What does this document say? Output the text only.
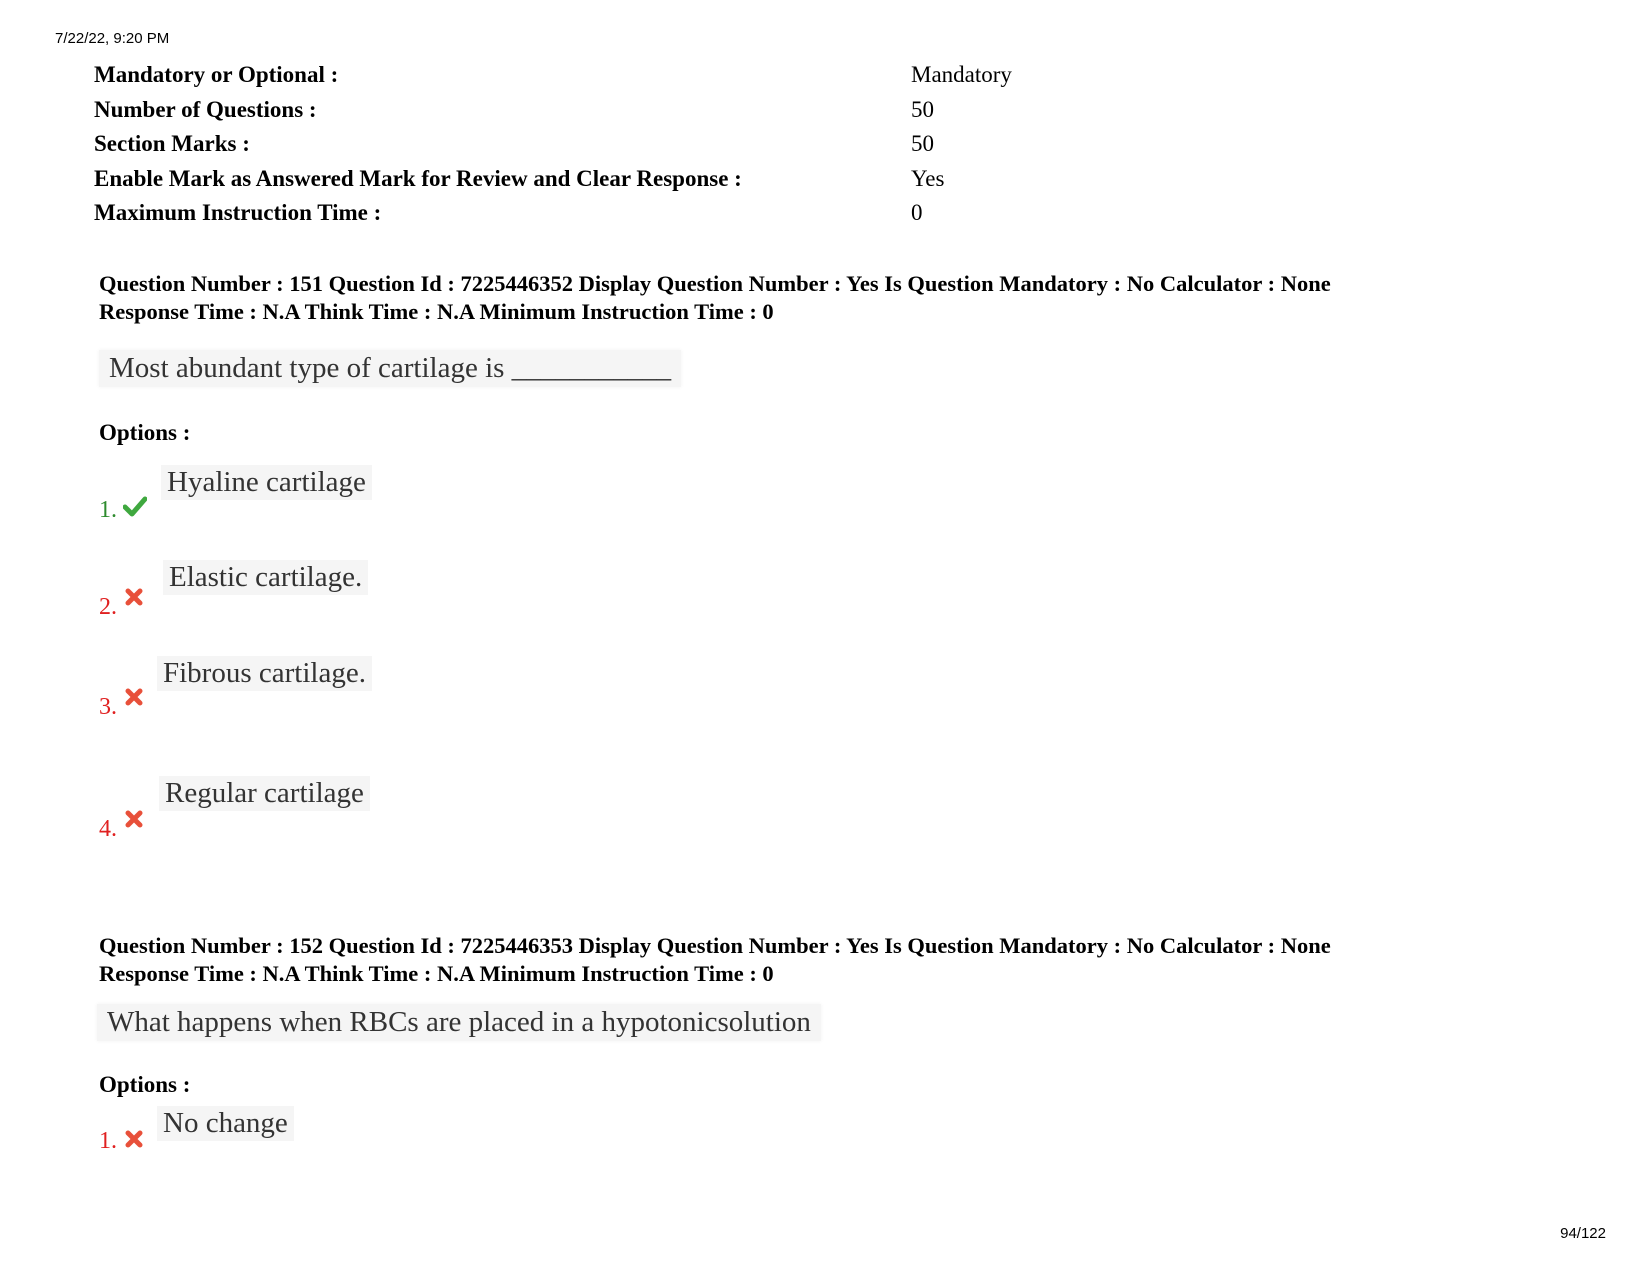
7/22/22, 9:20 PM
Mandatory or Optional :	Mandatory
Number of Questions :	50
Section Marks :	50
Enable Mark as Answered Mark for Review and Clear Response :	Yes
Maximum Instruction Time :	0
Question Number : 151 Question Id : 7225446352 Display Question Number : Yes Is Question Mandatory : No Calculator : None
Response Time : N.A Think Time : N.A Minimum Instruction Time : 0
Most abundant type of cartilage is ___________
Options :
1.
Hyaline cartilage
2.
Elastic cartilage.
3.
Fibrous cartilage.
4.
Regular cartilage
Question Number : 152 Question Id : 7225446353 Display Question Number : Yes Is Question Mandatory : No Calculator : None
Response Time : N.A Think Time : N.A Minimum Instruction Time : 0
What happens when RBCs are placed in a hypotonicsolution
Options :
1.
No change
94/122
